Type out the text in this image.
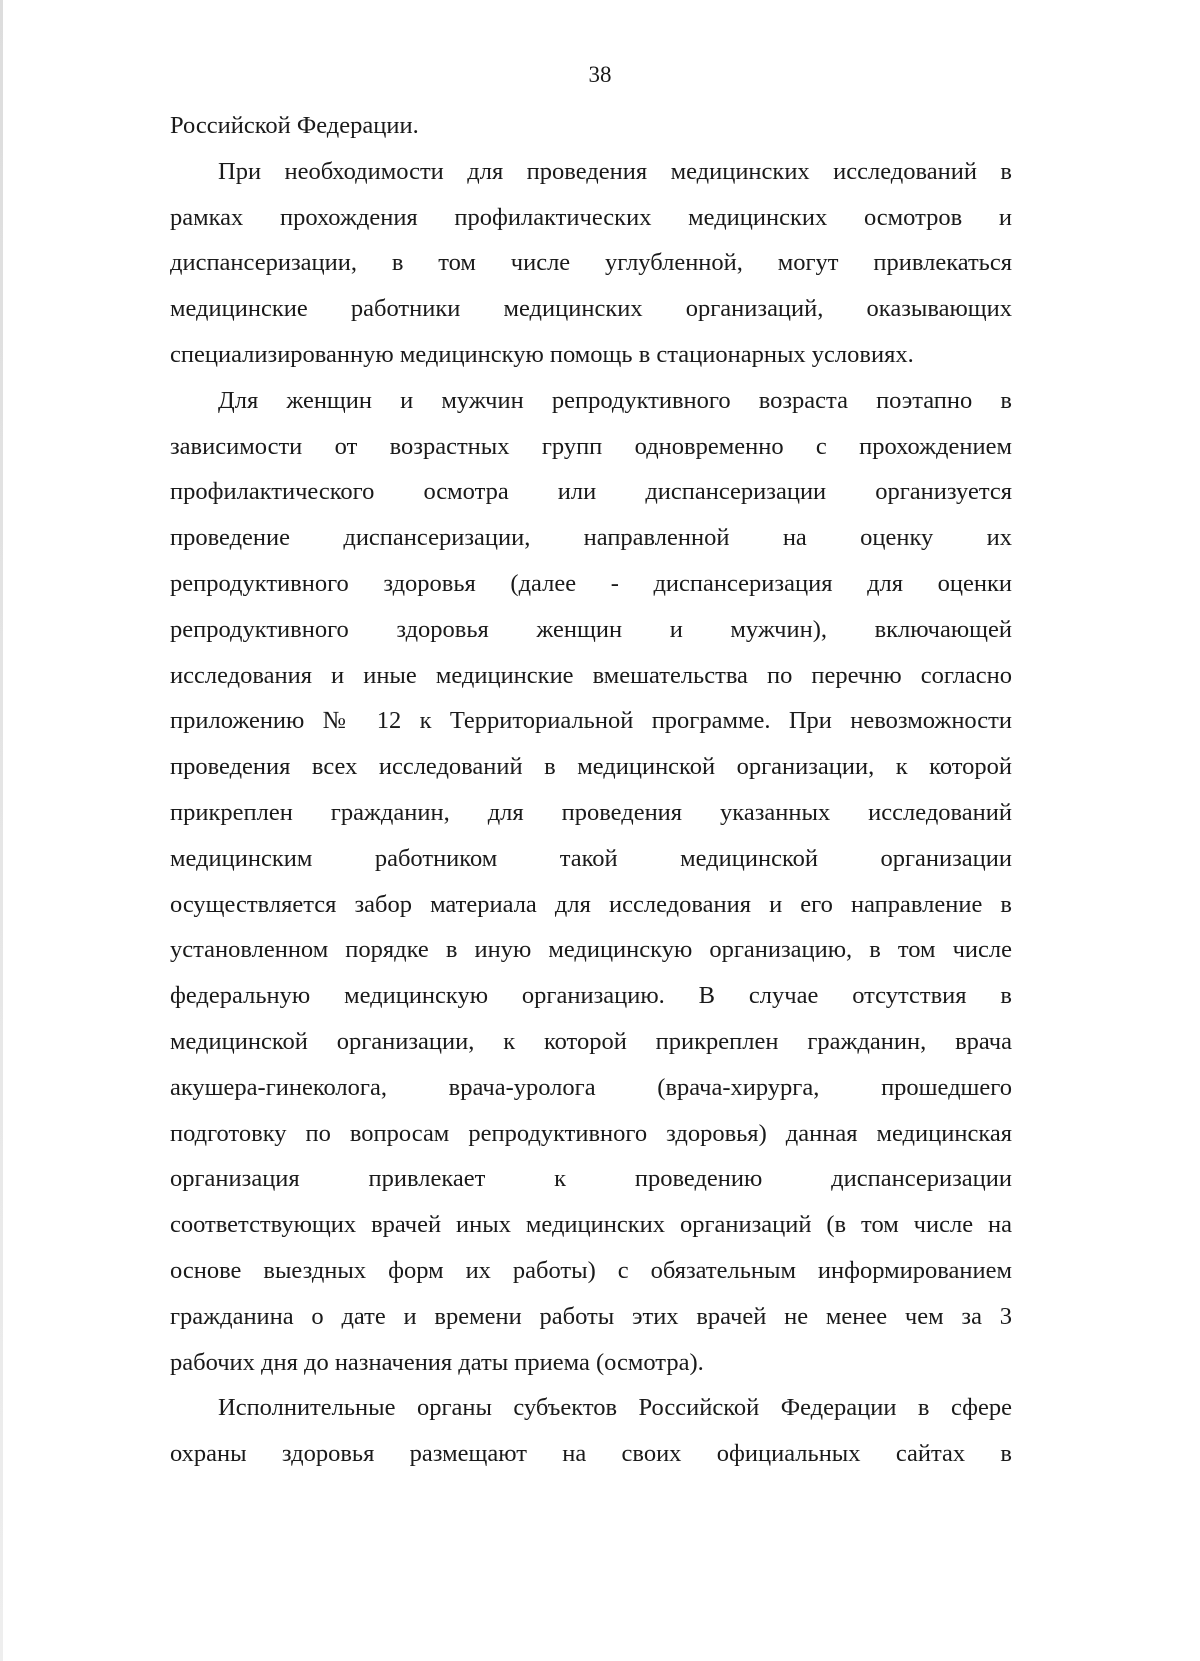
38
Российской Федерации.
При необходимости для проведения медицинских исследований в
рамках прохождения профилактических медицинских осмотров и
диспансеризации, в том числе углубленной, могут привлекаться
медицинские работники медицинских организаций, оказывающих
специализированную медицинскую помощь в стационарных условиях.
Для женщин и мужчин репродуктивного возраста поэтапно в
зависимости от возрастных групп одновременно с прохождением
профилактического осмотра или диспансеризации организуется
проведение диспансеризации, направленной на оценку их
репродуктивного здоровья (далее - диспансеризация для оценки
репродуктивного здоровья женщин и мужчин), включающей
исследования и иные медицинские вмешательства по перечню согласно
приложению № 12 к Территориальной программе. При невозможности
проведения всех исследований в медицинской организации, к которой
прикреплен гражданин, для проведения указанных исследований
медицинским работником такой медицинской организации
осуществляется забор материала для исследования и его направление в
установленном порядке в иную медицинскую организацию, в том числе
федеральную медицинскую организацию. В случае отсутствия в
медицинской организации, к которой прикреплен гражданин, врача
акушера-гинеколога, врача-уролога (врача-хирурга, прошедшего
подготовку по вопросам репродуктивного здоровья) данная медицинская
организация привлекает к проведению диспансеризации
соответствующих врачей иных медицинских организаций (в том числе на
основе выездных форм их работы) с обязательным информированием
гражданина о дате и времени работы этих врачей не менее чем за 3
рабочих дня до назначения даты приема (осмотра).
Исполнительные органы субъектов Российской Федерации в сфере
охраны здоровья размещают на своих официальных сайтах в
